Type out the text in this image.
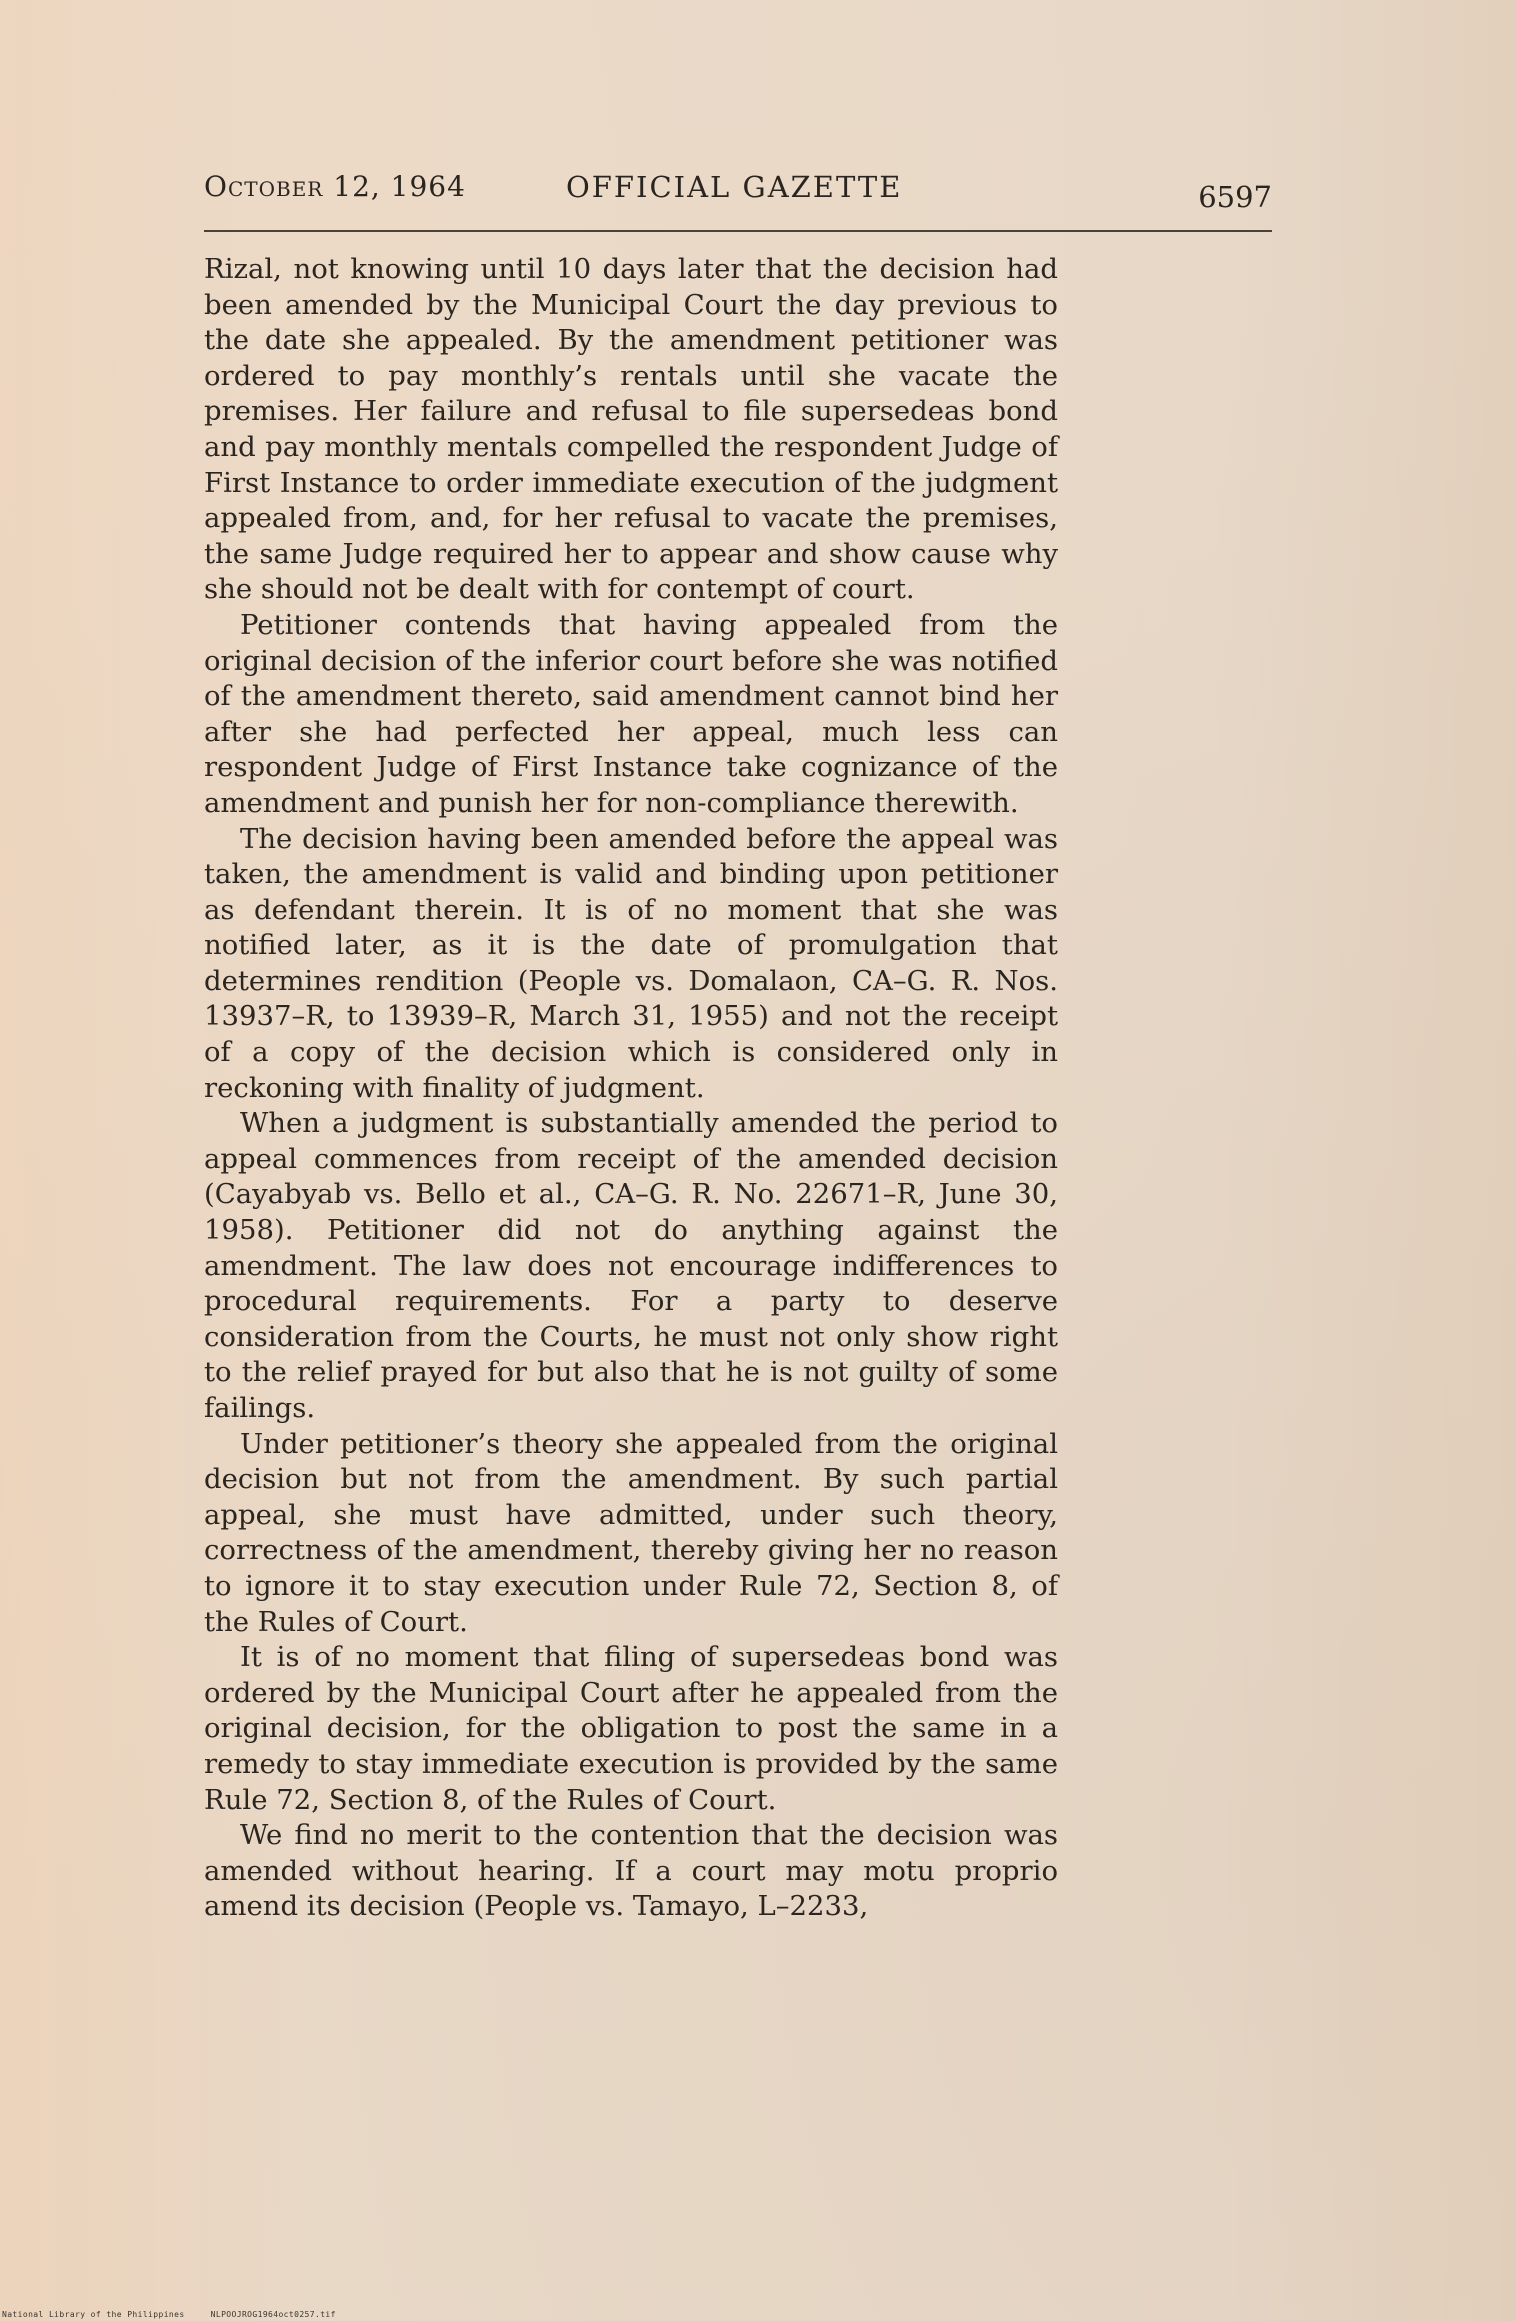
October 12, 1964	OFFICIAL GAZETTE	6597

Rizal, not knowing until 10 days later that the decision had been amended by the Municipal Court the day previous to the date she appealed. By the amendment petitioner was ordered to pay monthly’s rentals until she vacate the premises. Her failure and refusal to file supersedeas bond and pay monthly mentals compelled the respondent Judge of First Instance to order immediate execution of the judgment appealed from, and, for her refusal to vacate the premises, the same Judge required her to appear and show cause why she should not be dealt with for contempt of court.

Petitioner contends that having appealed from the original decision of the inferior court before she was notified of the amendment thereto, said amendment cannot bind her after she had perfected her appeal, much less can respondent Judge of First Instance take cognizance of the amendment and punish her for non-compliance therewith.

The decision having been amended before the appeal was taken, the amendment is valid and binding upon petitioner as defendant therein. It is of no moment that she was notified later, as it is the date of promulgation that determines rendition (People vs. Domalaon, CA–G. R. Nos. 13937–R, to 13939–R, March 31, 1955) and not the receipt of a copy of the decision which is considered only in reckoning with finality of judgment.

When a judgment is substantially amended the period to appeal commences from receipt of the amended decision (Cayabyab vs. Bello et al., CA–G. R. No. 22671–R, June 30, 1958). Petitioner did not do anything against the amendment. The law does not encourage indifferences to procedural requirements. For a party to deserve consideration from the Courts, he must not only show right to the relief prayed for but also that he is not guilty of some failings.

Under petitioner’s theory she appealed from the original decision but not from the amendment. By such partial appeal, she must have admitted, under such theory, correctness of the amendment, thereby giving her no reason to ignore it to stay execution under Rule 72, Section 8, of the Rules of Court.

It is of no moment that filing of supersedeas bond was ordered by the Municipal Court after he appealed from the original decision, for the obligation to post the same in a remedy to stay immediate execution is provided by the same Rule 72, Section 8, of the Rules of Court.

We find no merit to the contention that the decision was amended without hearing. If a court may motu proprio amend its decision (People vs. Tamayo, L–2233,

National Library of the Philippines     NLPOOJROG1964oct0257.tif
